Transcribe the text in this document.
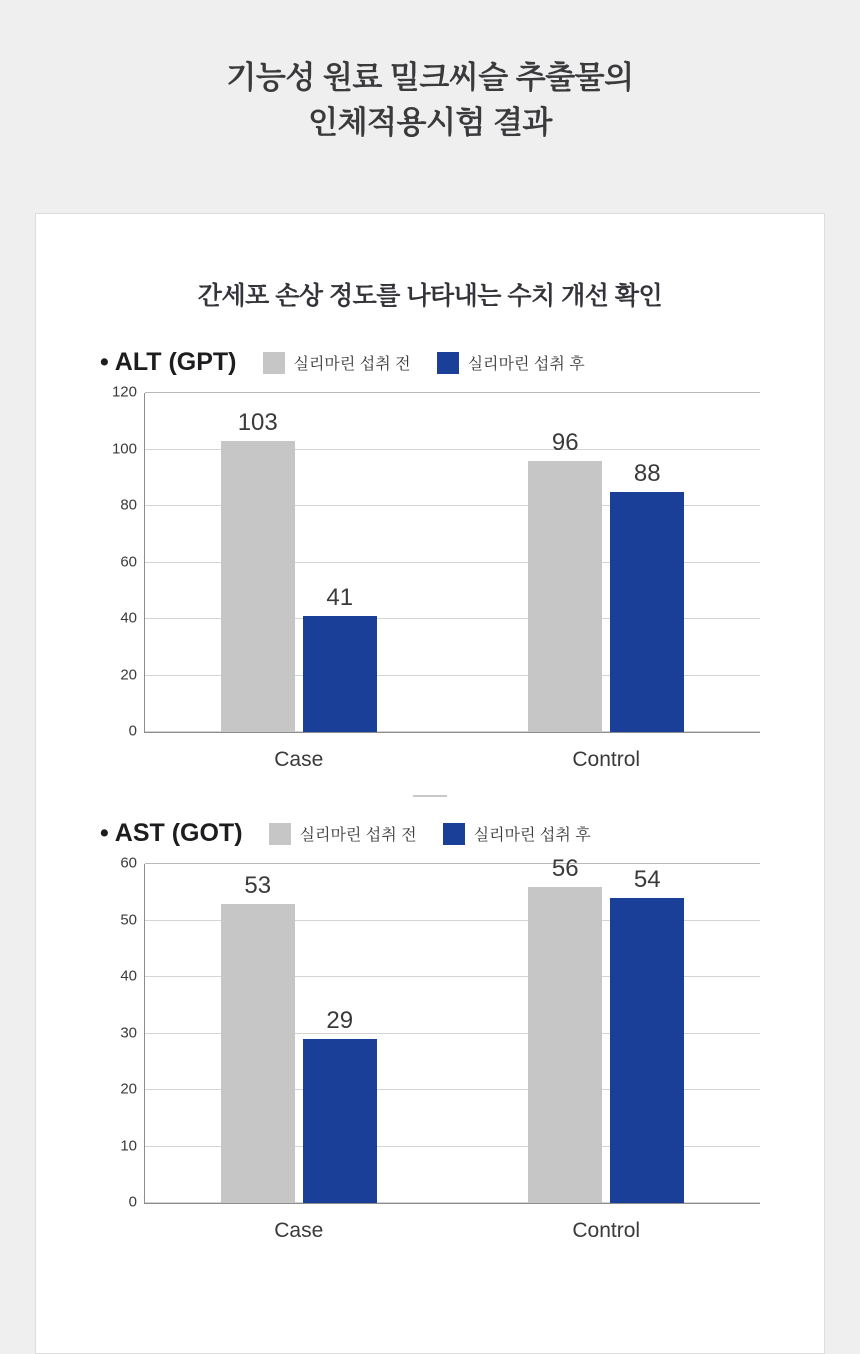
기능성 원료 밀크씨슬 추출물의
인체적용시험 결과
간세포 손상 정도를 나타내는 수치 개선 확인
• ALT (GPT)	실리마린 섭취 전	실리마린 섭취 후
120
100
80
60
40
20
0
103
41
Case
96
88
Control
• AST (GOT)	실리마린 섭취 전	실리마린 섭취 후
60
50
40
30
20
10
0
53
29
Case
56 54
Control
